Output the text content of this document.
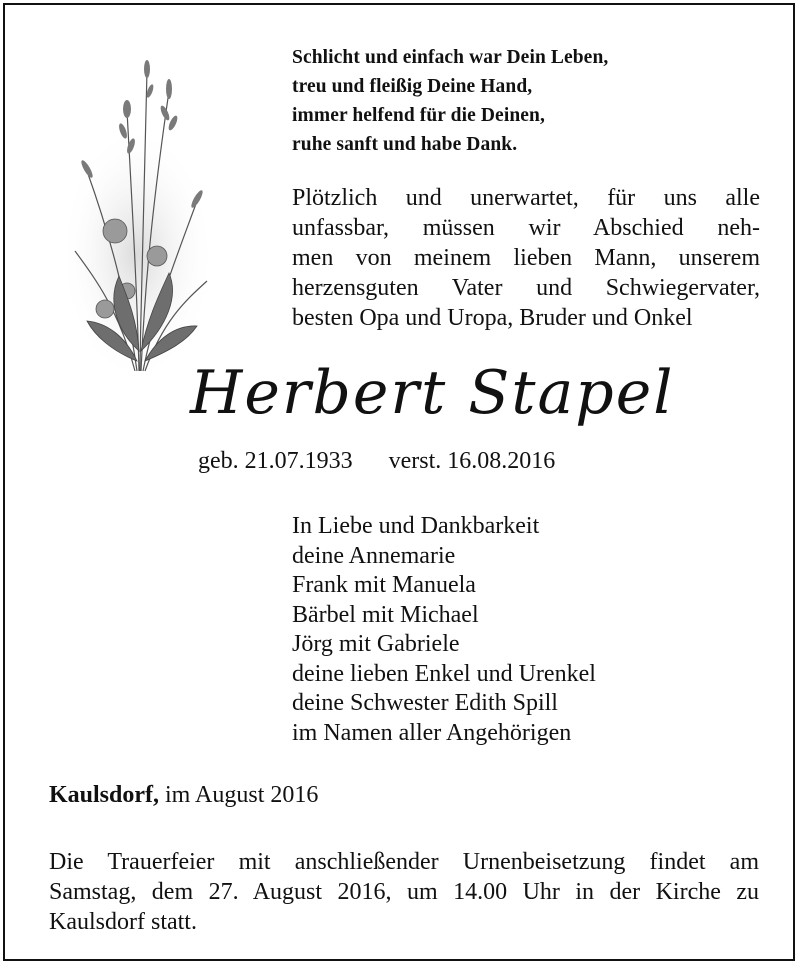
Schlicht und einfach war Dein Leben,
treu und fleißig Deine Hand,
immer helfend für die Deinen,
ruhe sanft und habe Dank.
Plötzlich und unerwartet, für uns alle
unfassbar, müssen wir Abschied neh-
men von meinem lieben Mann, unserem
herzensguten Vater und Schwiegervater,
besten Opa und Uropa, Bruder und Onkel
Herbert Stapel
geb. 21.07.1933 verst. 16.08.2016
In Liebe und Dankbarkeit
deine Annemarie
Frank mit Manuela
Bärbel mit Michael
Jörg mit Gabriele
deine lieben Enkel und Urenkel
deine Schwester Edith Spill
im Namen aller Angehörigen
Kaulsdorf, im August 2016
Die Trauerfeier mit anschließender Urnenbeisetzung findet am
Samstag, dem 27. August 2016, um 14.00 Uhr in der Kirche zu
Kaulsdorf statt.
